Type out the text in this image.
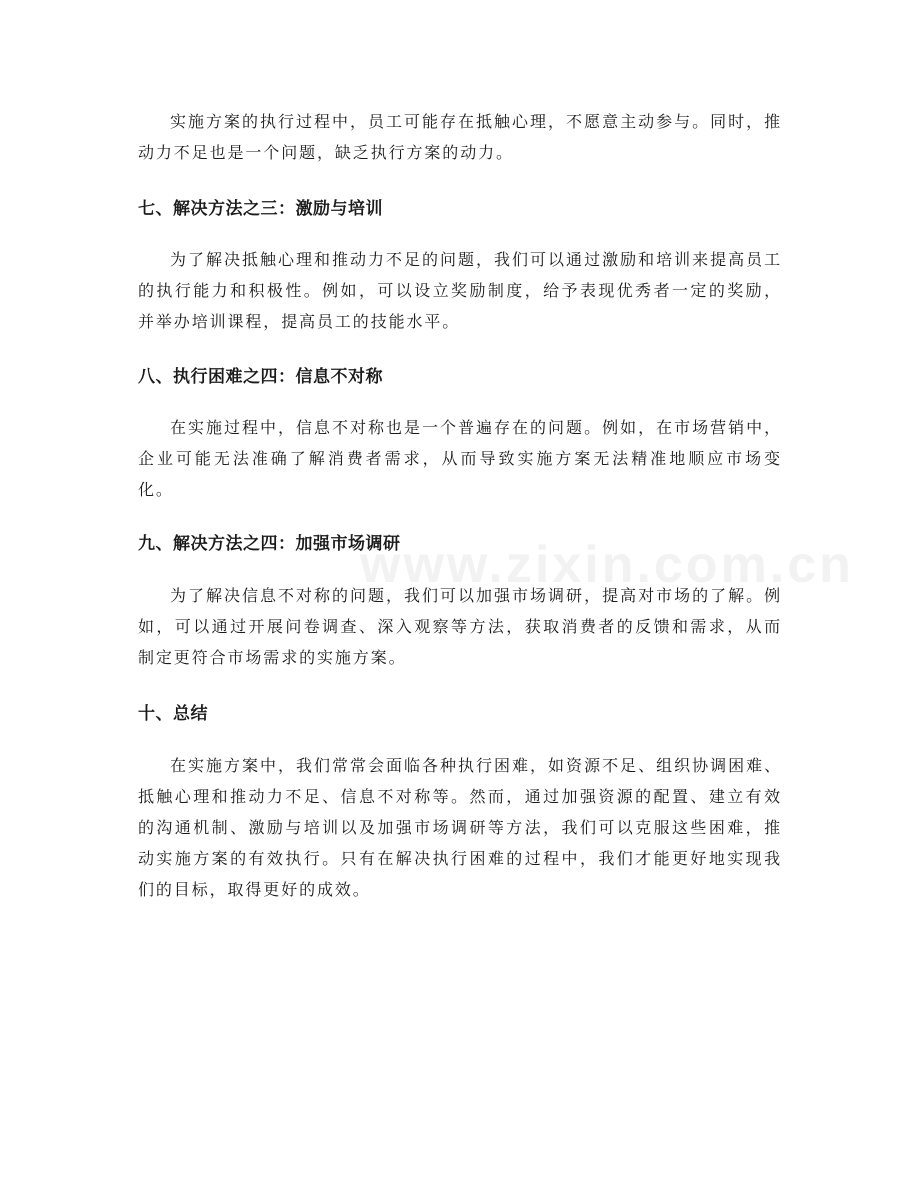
www.zixin.com.cn

实施方案的执行过程中，员工可能存在抵触心理，不愿意主动参与。同时，推动力不足也是一个问题，缺乏执行方案的动力。

七、解决方法之三：激励与培训

为了解决抵触心理和推动力不足的问题，我们可以通过激励和培训来提高员工的执行能力和积极性。例如，可以设立奖励制度，给予表现优秀者一定的奖励，并举办培训课程，提高员工的技能水平。

八、执行困难之四：信息不对称

在实施过程中，信息不对称也是一个普遍存在的问题。例如，在市场营销中，企业可能无法准确了解消费者需求，从而导致实施方案无法精准地顺应市场变化。

九、解决方法之四：加强市场调研

为了解决信息不对称的问题，我们可以加强市场调研，提高对市场的了解。例如，可以通过开展问卷调查、深入观察等方法，获取消费者的反馈和需求，从而制定更符合市场需求的实施方案。

十、总结

在实施方案中，我们常常会面临各种执行困难，如资源不足、组织协调困难、抵触心理和推动力不足、信息不对称等。然而，通过加强资源的配置、建立有效的沟通机制、激励与培训以及加强市场调研等方法，我们可以克服这些困难，推动实施方案的有效执行。只有在解决执行困难的过程中，我们才能更好地实现我们的目标，取得更好的成效。
